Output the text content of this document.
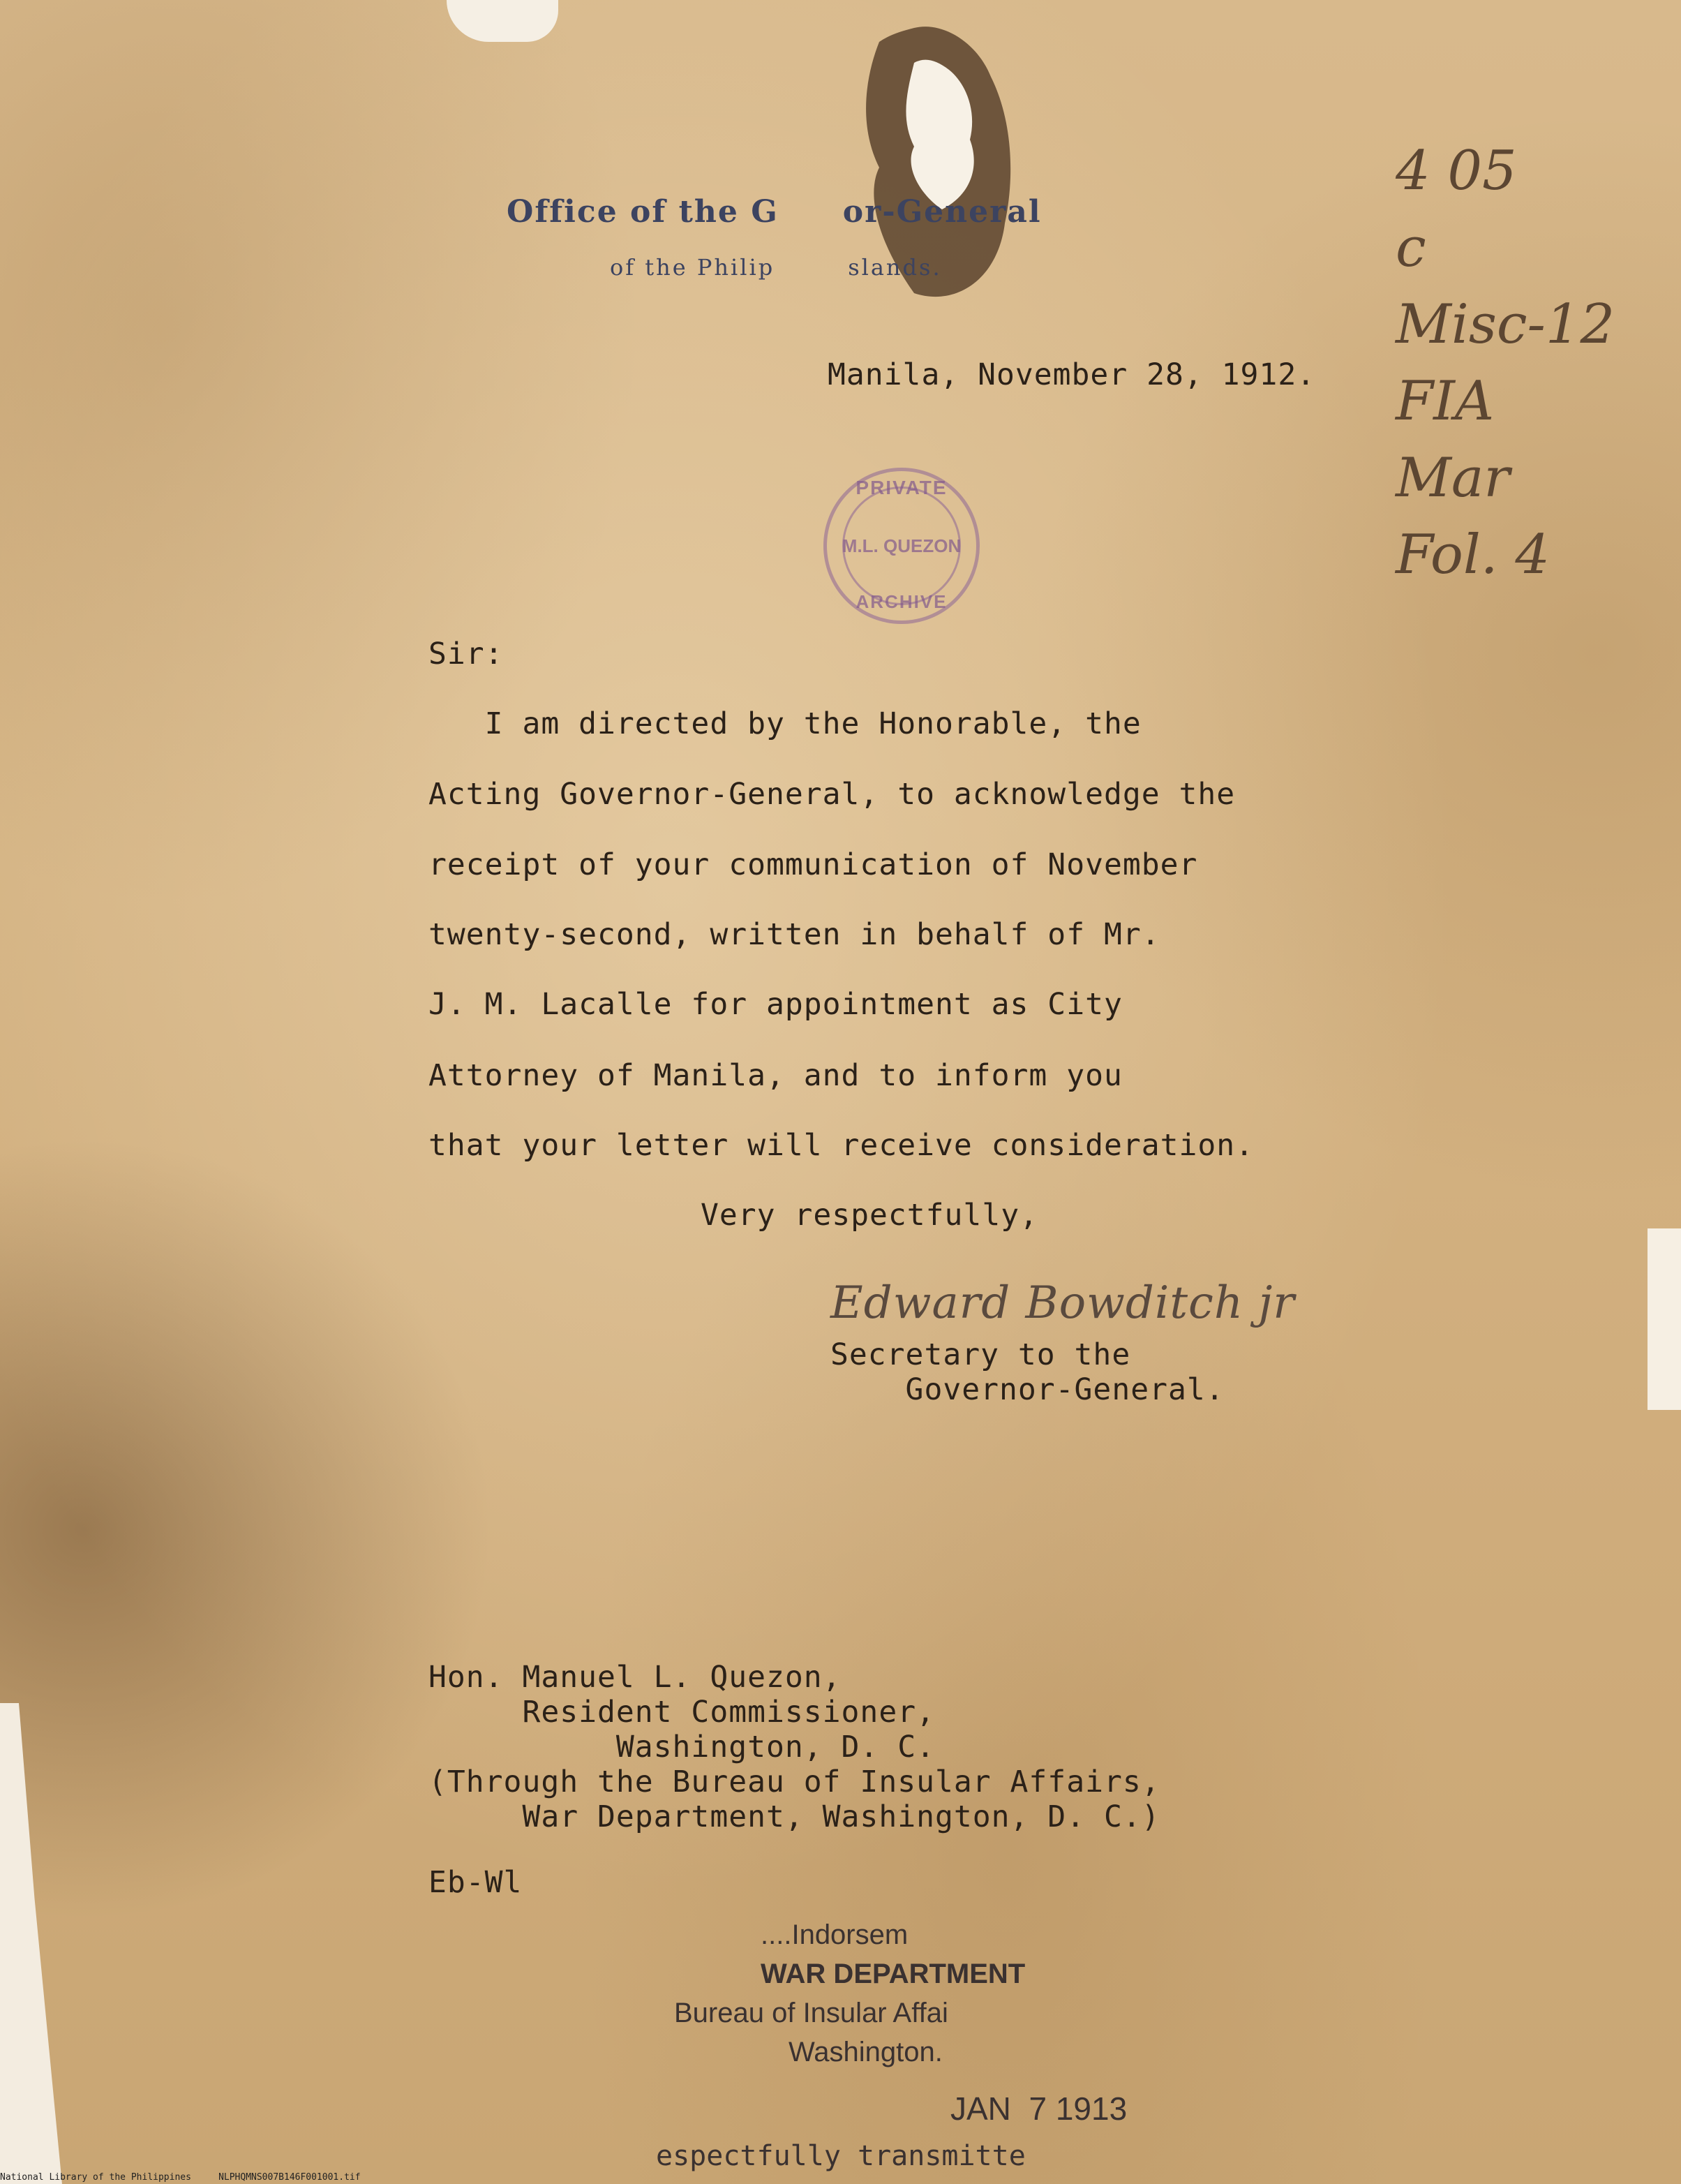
Office of the G  or-General
of the Philip   slands.

Manila, November 28, 1912.

PRIVATE
M.L. QUEZON
ARCHIVE
4 05
c
Misc-12
FIA
Mar
Fol. 4

Sir:

I am directed by the Honorable, the

Acting Governor-General, to acknowledge the

receipt of your communication of November

twenty-second, written in behalf of Mr.

J. M. Lacalle for appointment as City

Attorney of Manila, and to inform you

that your letter will receive consideration.

Very respectfully,

Edward Bowditch jr

Secretary to the

Governor-General.

Hon. Manuel L. Quezon,

Resident Commissioner,

Washington, D. C.

(Through the Bureau of Insular Affairs,

War Department, Washington, D. C.)

Eb-Wl

....Indorsem
WAR DEPARTMENT
Bureau of Insular Affai
Washington.
JAN  7 1913
espectfully transmitte
National Library of the Philippines     NLPHQMNS007B146F001001.tif
